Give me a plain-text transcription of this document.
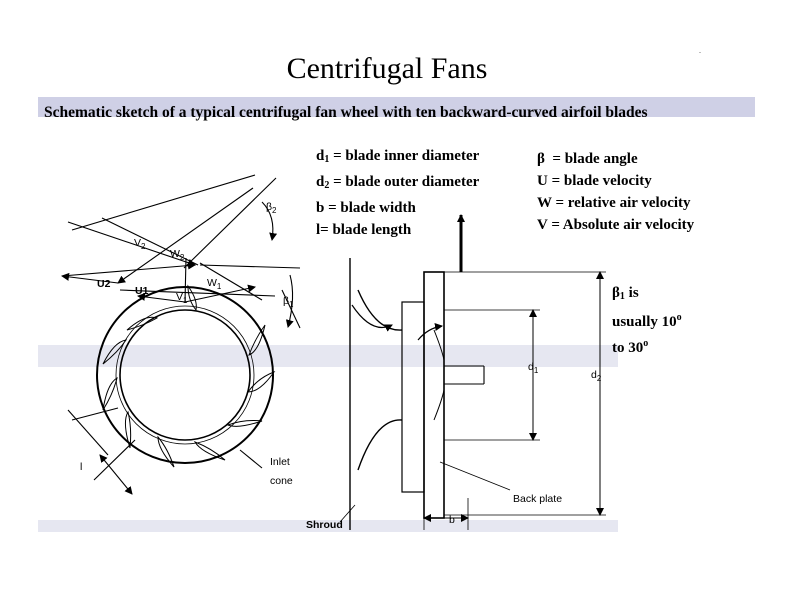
Centrifugal Fans
.
Schematic sketch of a typical centrifugal fan wheel with ten backward-curved airfoil blades
$\beta_2$
$\beta_1$
$V_2$
$W_2$
U2
U1	$V_1$
$W_1$
l	Inlet
cone
Shroud
Back plate
b
$d_1$	$d_2$
$d_1$ = blade inner diameter
$d_2$ = blade outer diameter
b = blade width
l= blade length
β  = blade angle
U = blade velocity
W = relative air velocity
V = Absolute air velocity
$\beta_1$ is
usually 10$^o$
to 30$^o$
